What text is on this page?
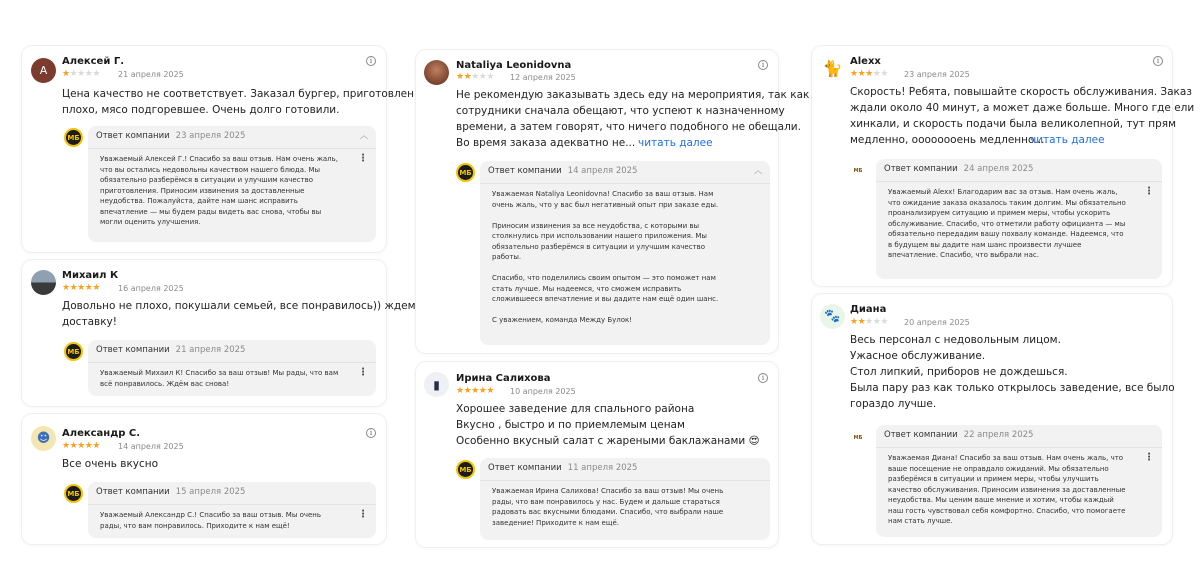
А
Алексей Г.
★★★★★ 21 апреля 2025
i
Цена качество не соответствует. Заказал бургер, приготовлен
плохо, мясо подгоревшее. Очень долго готовили.
МБ	Ответ компании 23 апреля 2025	︿
Уважаемый Алексей Г.! Спасибо за ваш отзыв. Нам очень жаль,
что вы остались недовольны качеством нашего блюда. Мы
обязательно разберёмся в ситуации и улучшим качество
приготовления. Приносим извинения за доставленные
неудобства. Пожалуйста, дайте нам шанс исправить
впечатление — мы будем рады видеть вас снова, чтобы вы
могли оценить улучшения.
⋮
Михаил К
★★★★★ 16 апреля 2025
Довольно не плохо, покушали семьей, все понравилось)) ждем
доставку!
МБ	Ответ компании 21 апреля 2025
Уважаемый Михаил К! Спасибо за ваш отзыв! Мы рады, что вам
всё понравилось. Ждём вас снова!
⋮
☻ Александр С.
★★★★★ 14 апреля 2025
i
Все очень вкусно
МБ	Ответ компании 15 апреля 2025
Уважаемый Александр С.! Спасибо за ваш отзыв. Мы очень
рады, что вам понравилось. Приходите к нам ещё!
⋮
Nataliya Leonidovna
★★★★★ 12 апреля 2025
i
Не рекомендую заказывать здесь еду на мероприятия, так как
сотрудники сначала обещают, что успеют к назначенному
времени, а затем говорят, что ничего подобного не обещали.
Во время заказа адекватно не... читать далее
МБ	Ответ компании 14 апреля 2025	︿
Уважаемая Nataliya Leonidovna! Спасибо за ваш отзыв. Нам
очень жаль, что у вас был негативный опыт при заказе еды.

Приносим извинения за все неудобства, с которыми вы
столкнулись при использовании нашего приложения. Мы
обязательно разберёмся в ситуации и улучшим качество
работы.

Спасибо, что поделились своим опытом — это поможет нам
стать лучше. Мы надеемся, что сможем исправить
сложившееся впечатление и вы дадите нам ещё один шанс.

С уважением, команда Между Булок!
▮ Ирина Салихова
★★★★★ 10 апреля 2025
i
Хорошее заведение для спального района
Вкусно , быстро и по приемлемым ценам
Особенно вкусный салат с жареными баклажанами 😍
МБ	Ответ компании 11 апреля 2025
Уважаемая Ирина Салихова! Спасибо за ваш отзыв! Мы очень
рады, что вам понравилось у нас. Будем и дальше стараться
радовать вас вкусными блюдами. Спасибо, что выбрали наше
заведение! Приходите к нам ещё.
🐈 Alexx
★★★★★ 23 апреля 2025
i
Скорость! Ребята, повышайте скорость обслуживания. Заказ
ждали около 40 минут, а может даже больше. Много где ели
хинкали, и скорость подачи была великолепной, тут прям
медленно, оооооооень медленно....
читать далее
МБ	Ответ компании 24 апреля 2025
Уважаемый Alexx! Благодарим вас за отзыв. Нам очень жаль,
что ожидание заказа оказалось таким долгим. Мы обязательно
проанализируем ситуацию и примем меры, чтобы ускорить
обслуживание. Спасибо, что отметили работу официанта — мы
обязательно передадим вашу похвалу команде. Надеемся, что
в будущем вы дадите нам шанс произвести лучшее
впечатление. Спасибо, что выбрали нас.
⋮
🐾 Диана
★★★★★ 20 апреля 2025
Весь персонал с недовольным лицом.
Ужасное обслуживание.
Стол липкий, приборов не дождешься.
Была пару раз как только открылось заведение, все было
гораздо лучше.
МБ	Ответ компании 22 апреля 2025
Уважаемая Диана! Спасибо за ваш отзыв. Нам очень жаль, что
ваше посещение не оправдало ожиданий. Мы обязательно
разберёмся в ситуации и примем меры, чтобы улучшить
качество обслуживания. Приносим извинения за доставленные
неудобства. Мы ценим ваше мнение и хотим, чтобы каждый
наш гость чувствовал себя комфортно. Спасибо, что помогаете
нам стать лучше.
⋮
